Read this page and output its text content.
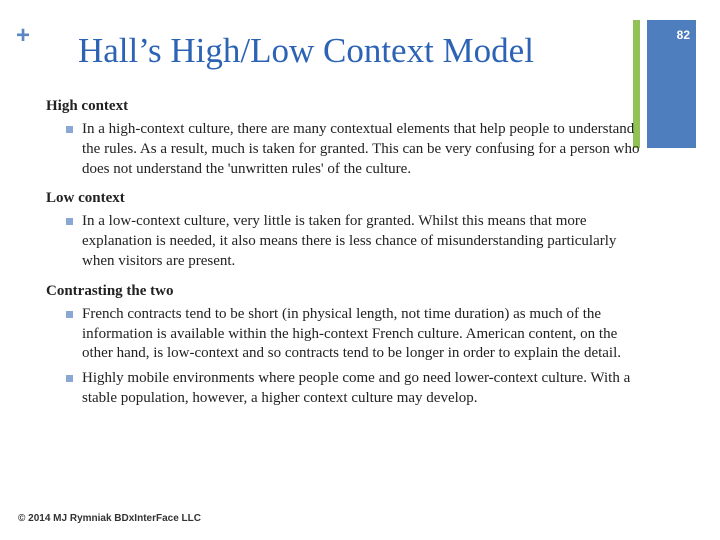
+ Hall’s High/Low Context Model	82

High context

In a high-context culture, there are many contextual elements that help people to understand the rules. As a result, much is taken for granted. This can be very confusing for a person who does not understand the 'unwritten rules' of the culture.

Low context

In a low-context culture, very little is taken for granted. Whilst this means that more explanation is needed, it also means there is less chance of misunderstanding particularly when visitors are present.

Contrasting the two

French contracts tend to be short (in physical length, not time duration) as much of the information is available within the high-context French culture. American content, on the other hand, is low-context and so contracts tend to be longer in order to explain the detail.
Highly mobile environments where people come and go need lower-context culture. With a stable population, however, a higher context culture may develop.
© 2014 MJ Rymniak BDxInterFace LLC
